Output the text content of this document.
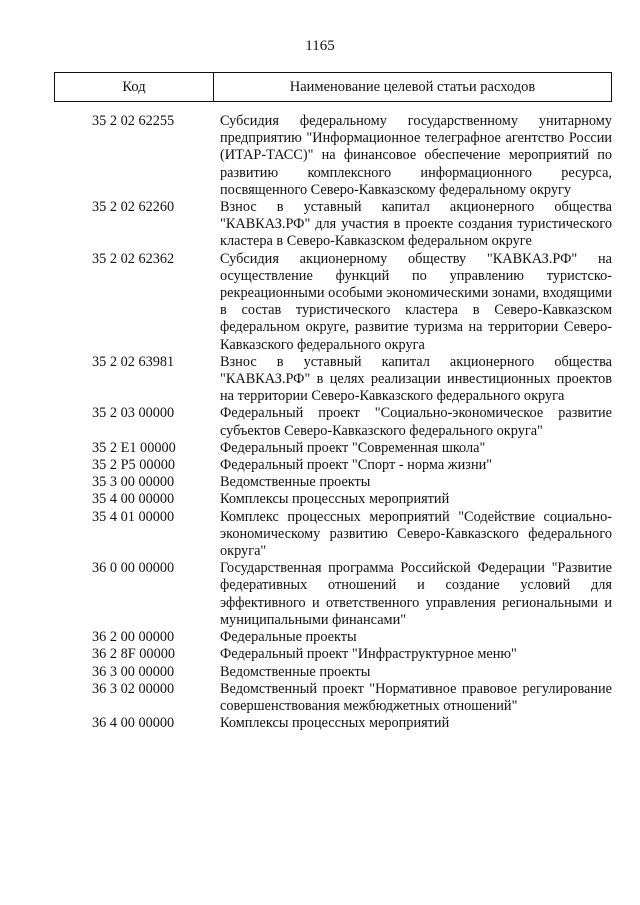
1165
Код	Наименование целевой статьи расходов
35 2 02 62255	Субсидия федеральному государственному унитарному предприятию "Информационное телеграфное агентство России (ИТАР-ТАСС)" на финансовое обеспечение мероприятий по развитию комплексного информационного ресурса, посвященного Северо-Кавказскому федеральному округу
35 2 02 62260	Взнос в уставный капитал акционерного общества "КАВКАЗ.РФ" для участия в проекте создания туристического кластера в Северо-Кавказском федеральном округе
35 2 02 62362	Субсидия акционерному обществу "КАВКАЗ.РФ" на осуществление функций по управлению туристско-рекреационными особыми экономическими зонами, входящими в состав туристического кластера в Северо-Кавказском федеральном округе, развитие туризма на территории Северо-Кавказского федерального округа
35 2 02 63981	Взнос в уставный капитал акционерного общества "КАВКАЗ.РФ" в целях реализации инвестиционных проектов на территории Северо-Кавказского федерального округа
35 2 03 00000	Федеральный проект "Социально-экономическое развитие субъектов Северо-Кавказского федерального округа"
35 2 Е1 00000	Федеральный проект "Современная школа"
35 2 Р5 00000	Федеральный проект "Спорт - норма жизни"
35 3 00 00000	Ведомственные проекты
35 4 00 00000	Комплексы процессных мероприятий
35 4 01 00000	Комплекс процессных мероприятий "Содействие социально-экономическому развитию Северо-Кавказского федерального округа"
36 0 00 00000	Государственная программа Российской Федерации "Развитие федеративных отношений и создание условий для эффективного и ответственного управления региональными и муниципальными финансами"
36 2 00 00000	Федеральные проекты
36 2 8F 00000	Федеральный проект "Инфраструктурное меню"
36 3 00 00000	Ведомственные проекты
36 3 02 00000	Ведомственный проект "Нормативное правовое регулирование совершенствования межбюджетных отношений"
36 4 00 00000	Комплексы процессных мероприятий
